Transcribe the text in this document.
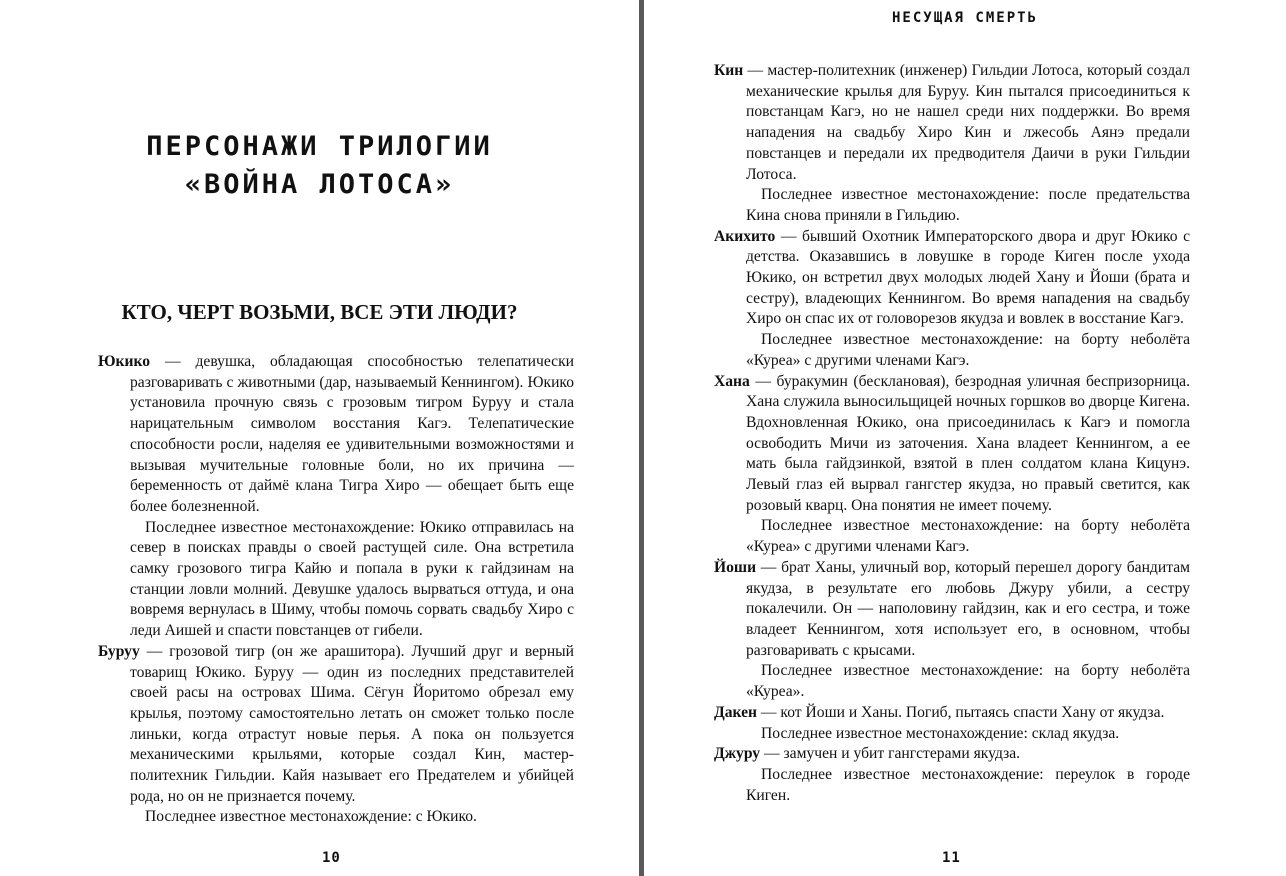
ПЕРСОНАЖИ ТРИЛОГИИ
«ВОЙНА ЛОТОСА»
КТО, ЧЕРТ ВОЗЬМИ, ВСЕ ЭТИ ЛЮДИ?

Юкико — девушка, обладающая способностью телепатически разговаривать с животными (дар, называемый Кеннингом). Юкико установила прочную связь с грозовым тигром Буруу и стала нарицательным символом восстания Кагэ. Телепатические способности росли, наделяя ее удивительными возможностями и вызывая мучительные головные боли, но их причина — беременность от даймё клана Тигра Хиро — обещает быть еще более болезненной.

Последнее известное местонахождение: Юкико отправилась на север в поисках правды о своей растущей силе. Она встретила самку грозового тигра Кайю и попала в руки к гайдзинам на станции ловли молний. Девушке удалось вырваться оттуда, и она вовремя вернулась в Шиму, чтобы помочь сорвать свадьбу Хиро с леди Аишей и спасти повстанцев от гибели.

Буруу — грозовой тигр (он же арашитора). Лучший друг и верный товарищ Юкико. Буруу — один из последних представителей своей расы на островах Шима. Сёгун Йоритомо обрезал ему крылья, поэтому самостоятельно летать он сможет только после линьки, когда отрастут новые перья. А пока он пользуется механическими крыльями, которые создал Кин, мастер-политехник Гильдии. Кайя называет его Предателем и убийцей рода, но он не признается почему.

Последнее известное местонахождение: с Юкико.

10
НЕСУЩАЯ СМЕРТЬ

Кин — мастер-политехник (инженер) Гильдии Лотоса, который создал механические крылья для Буруу. Кин пытался присоединиться к повстанцам Кагэ, но не нашел среди них поддержки. Во время нападения на свадьбу Хиро Кин и лжесобь Аянэ предали повстанцев и передали их предводителя Даичи в руки Гильдии Лотоса.

Последнее известное местонахождение: после предательства Кина снова приняли в Гильдию.

Акихито — бывший Охотник Императорского двора и друг Юкико с детства. Оказавшись в ловушке в городе Киген после ухода Юкико, он встретил двух молодых людей Хану и Йоши (брата и сестру), владеющих Кеннингом. Во время нападения на свадьбу Хиро он спас их от головорезов якудза и вовлек в восстание Кагэ.

Последнее известное местонахождение: на борту неболёта «Куреа» с другими членами Кагэ.

Хана — буракумин (бесклановая), безродная уличная беспризорница. Хана служила выносильщицей ночных горшков во дворце Кигена. Вдохновленная Юкико, она присоединилась к Кагэ и помогла освободить Мичи из заточения. Хана владеет Кеннингом, а ее мать была гайдзинкой, взятой в плен солдатом клана Кицунэ. Левый глаз ей вырвал гангстер якудза, но правый светится, как розовый кварц. Она понятия не имеет почему.

Последнее известное местонахождение: на борту неболёта «Куреа» с другими членами Кагэ.

Йоши — брат Ханы, уличный вор, который перешел дорогу бандитам якудза, в результате его любовь Джуру убили, а сестру покалечили. Он — наполовину гайдзин, как и его сестра, и тоже владеет Кеннингом, хотя использует его, в основном, чтобы разговаривать с крысами.

Последнее известное местонахождение: на борту неболёта «Куреа».

Дакен — кот Йоши и Ханы. Погиб, пытаясь спасти Хану от якудза.

Последнее известное местонахождение: склад якудза.

Джуру — замучен и убит гангстерами якудза.

Последнее известное местонахождение: переулок в городе Киген.

11
